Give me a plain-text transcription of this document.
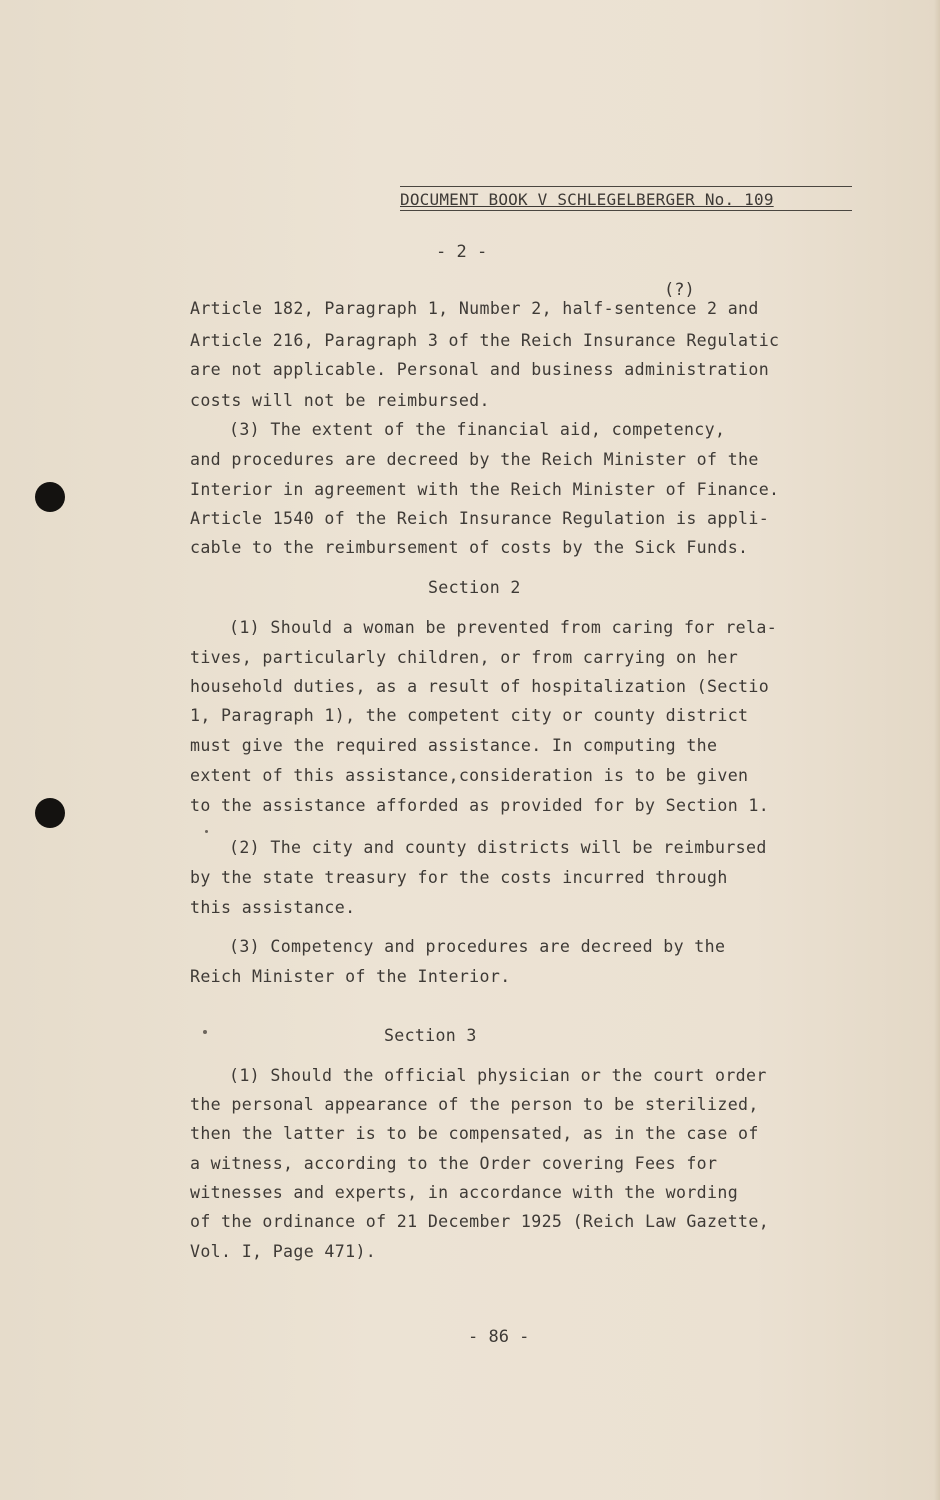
DOCUMENT BOOK V SCHLEGELBERGER No. 109
- 2 -
(?)
Article 182, Paragraph 1, Number 2, half-sentence 2 and
Article 216, Paragraph 3 of the Reich Insurance Regulatic
are not applicable. Personal and business administration
costs will not be reimbursed.
(3) The extent of the financial aid, competency,
and procedures are decreed by the Reich Minister of the
Interior in agreement with the Reich Minister of Finance.
Article 1540 of the Reich Insurance Regulation is appli-
cable to the reimbursement of costs by the Sick Funds.
Section 2
(1) Should a woman be prevented from caring for rela-
tives, particularly children, or from carrying on her
household duties, as a result of hospitalization (Sectio
1, Paragraph 1), the competent city or county district
must give the required assistance. In computing the
extent of this assistance,consideration is to be given
to the assistance afforded as provided for by Section 1.
(2) The city and county districts will be reimbursed
by the state treasury for the costs incurred through
this assistance.
(3) Competency and procedures are decreed by the
Reich Minister of the Interior.
Section 3
(1) Should the official physician or the court order
the personal appearance of the person to be sterilized,
then the latter is to be compensated, as in the case of
a witness, according to the Order covering Fees for
witnesses and experts, in accordance with the wording
of the ordinance of 21 December 1925 (Reich Law Gazette,
Vol. I, Page 471).
- 86 -
